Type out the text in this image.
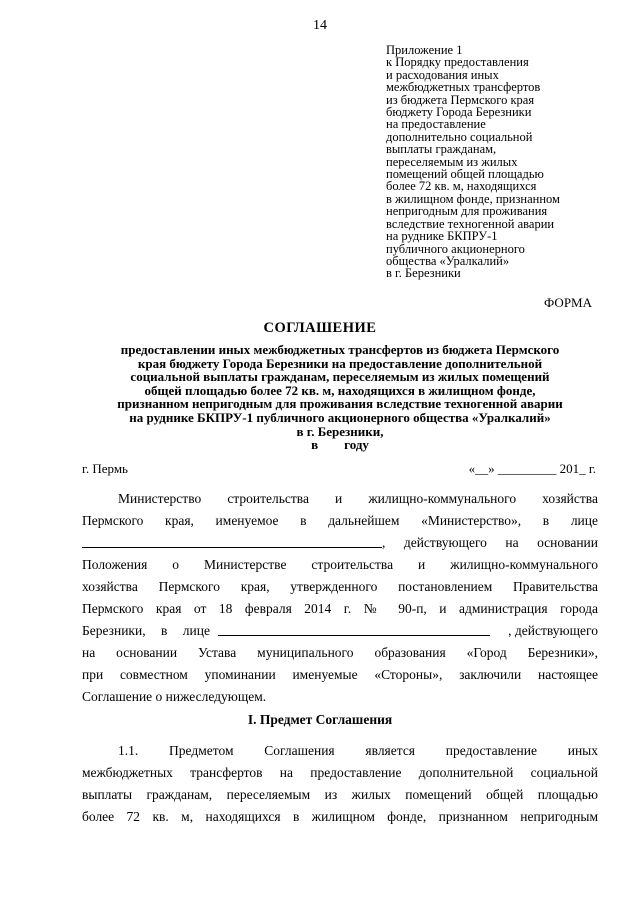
14
Приложение 1
к Порядку предоставления
и расходования иных
межбюджетных трансфертов
из бюджета Пермского края
бюджету Города Березники
на предоставление
дополнительно социальной
выплаты гражданам,
переселяемым из жилых
помещений общей площадью
более 72 кв. м, находящихся
в жилищном фонде, признанном
непригодным для проживания
вследствие техногенной аварии
на руднике БКПРУ-1
публичного акционерного
общества «Уралкалий»
в г. Березники
ФОРМА
СОГЛАШЕНИЕ
предоставлении иных межбюджетных трансфертов из бюджета Пермского
края бюджету Города Березники на предоставление дополнительной
социальной выплаты гражданам, переселяемым из жилых помещений
общей площадью более 72 кв. м, находящихся в жилищном фонде,
признанном непригодным для проживания вследствие техногенной аварии
на руднике БКПРУ-1 публичного акционерного общества «Уралкалий»
в г. Березники,
в        году
г. Пермь	«__» _________ 201_ г.
Министерство строительства и жилищно-коммунального хозяйства
Пермского края, именуемое в дальнейшем «Министерство», в лице
, действующего на основании
Положения о Министерстве строительства и жилищно-коммунального
хозяйства Пермского края, утвержденного постановлением Правительства
Пермского края от 18 февраля 2014 г. № 90-п, и администрация города
Березники, в лице	, действующего
на основании Устава муниципального образования «Город Березники»,
при совместном упоминании именуемые «Стороны», заключили настоящее
Соглашение о нижеследующем.
I. Предмет Соглашения
1.1. Предметом Соглашения является предоставление иных
межбюджетных трансфертов на предоставление дополнительной социальной
выплаты гражданам, переселяемым из жилых помещений общей площадью
более 72 кв. м, находящихся в жилищном фонде, признанном непригодным
